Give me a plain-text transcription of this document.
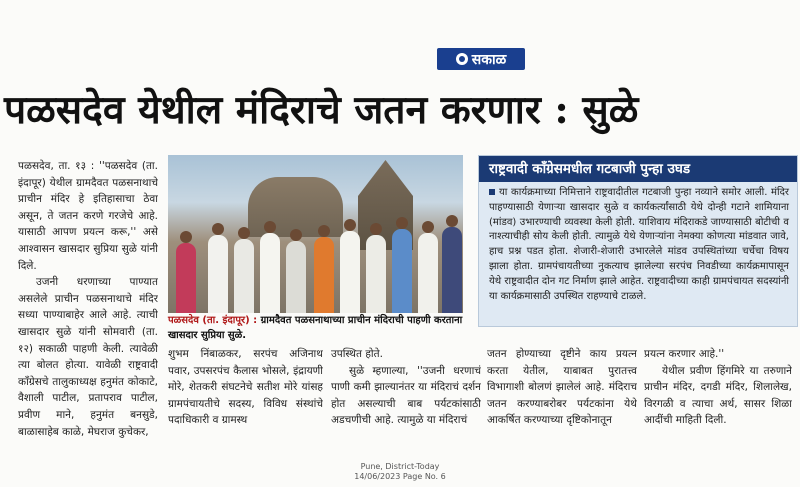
सकाळ
पळसदेव येथील मंदिराचे जतन करणार : सुळे

पळसदेव, ता. १३ : ''पळसदेव (ता. इंदापूर) येथील ग्रामदैवत पळसनाथाचे प्राचीन मंदिर हे इतिहासाचा ठेवा असून, ते जतन करणे गरजेचे आहे. यासाठी आपण प्रयत्न करू,'' असे आश्वासन खासदार सुप्रिया सुळे यांनी दिले.

उजनी धरणाच्या पाण्यात असलेले प्राचीन पळसनाथाचे मंदिर सध्या पाण्याबाहेर आले आहे. त्याची खासदार सुळे यांनी सोमवारी (ता. १२) सकाळी पाहणी केली. त्यावेळी त्या बोलत होत्या. यावेळी राष्ट्रवादी काँग्रेसचे तालुकाध्यक्ष हनुमंत कोकाटे, वैशाली पाटील, प्रतापराव पाटील, प्रवीण माने, हनुमंत बनसुडे, बाळासाहेब काळे, मेघराज कुचेकर,

पळसदेव (ता. इंदापूर) : ग्रामदैवत पळसनाथाच्या प्राचीन मंदिराची पाहणी करताना खासदार सुप्रिया सुळे.
राष्ट्रवादी काँग्रेसमधील गटबाजी पुन्हा उघड
या कार्यक्रमाच्या निमित्ताने राष्ट्रवादीतील गटबाजी पुन्हा नव्याने समोर आली. मंदिर पाहण्यासाठी येणाऱ्या खासदार सुळे व कार्यकर्त्यांसाठी येथे दोन्ही गटाने शामियाना (मांडव) उभारण्याची व्यवस्था केली होती. याशिवाय मंदिराकडे जाण्यासाठी बोटीची व नाश्त्याचीही सोय केली होती. त्यामुळे येथे येणाऱ्यांना नेमक्या कोणत्या मांडवात जावे, हाच प्रश्न पडत होता. शेजारी-शेजारी उभारलेले मांडव उपस्थितांच्या चर्चेचा विषय झाला होता. ग्रामपंचायतीच्या नुकत्याच झालेल्या सरपंच निवडीच्या कार्यक्रमापासून येथे राष्ट्रवादीत दोन गट निर्माण झाले आहेत. राष्ट्रवादीच्या काही ग्रामपंचायत सदस्यांनी या कार्यक्रमासाठी उपस्थित राहण्याचे टाळले.

शुभम निंबाळकर, सरपंच अजिनाथ पवार, उपसरपंच कैलास भोसले, इंद्रायणी मोरे, शेतकरी संघटनेचे सतीश मोरे यांसह ग्रामपंचायतीचे सदस्य, विविध संस्थांचे पदाधिकारी व ग्रामस्थ

उपस्थित होते.

सुळे म्हणाल्या, ''उजनी धरणाचं पाणी कमी झाल्यानंतर या मंदिराचं दर्शन होत असल्याची बाब पर्यटकांसाठी अडचणीची आहे. त्यामुळे या मंदिराचं

जतन होण्याच्या दृष्टीने काय प्रयत्न करता येतील, याबाबत पुरातत्त्व विभागाशी बोलणं झालेलं आहे. मंदिराच जतन करण्याबरोबर पर्यटकांना येथे आकर्षित करण्याच्या दृष्टिकोनातून

प्रयत्न करणार आहे.''

येथील प्रवीण हिंगमिरे या तरुणाने प्राचीन मंदिर, दगडी मंदिर, शिलालेख, विरगळी व त्याचा अर्थ, सासर शिळा आदींची माहिती दिली.

Pune, District-Today
14/06/2023 Page No. 6
